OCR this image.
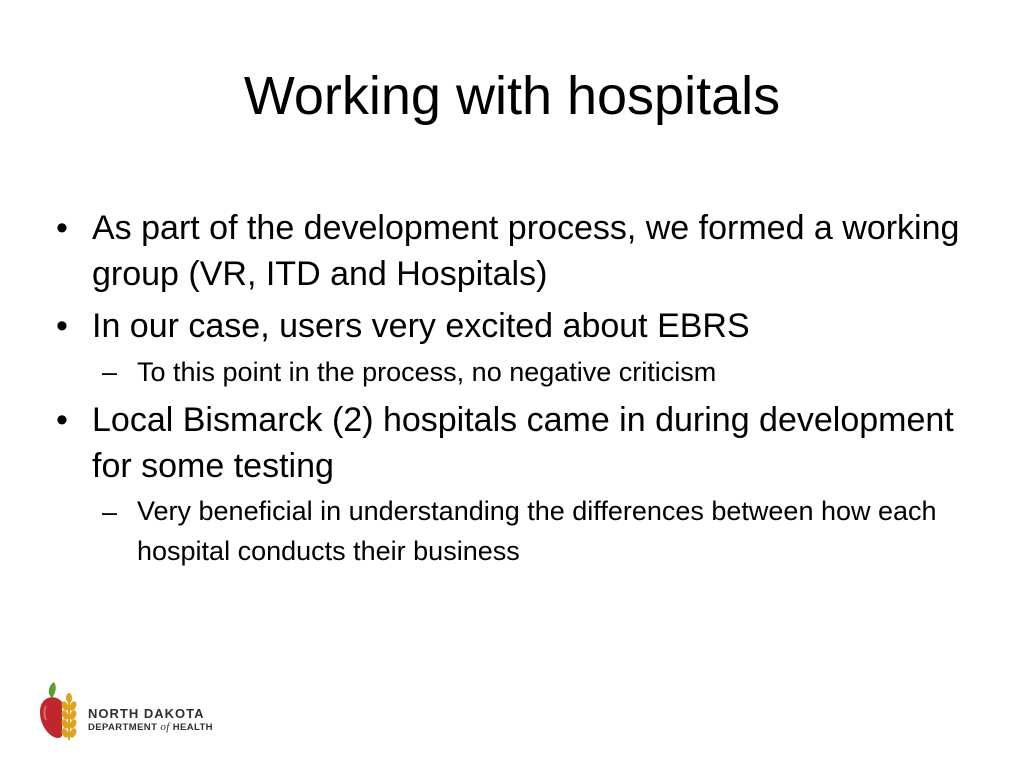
Working with hospitals
• As part of the development process, we formed a working group (VR, ITD and Hospitals)
• In our case, users very excited about EBRS
– To this point in the process, no negative criticism
• Local Bismarck (2) hospitals came in during development for some testing
– Very beneficial in understanding the differences between how each hospital conducts their business
NORTH DAKOTA
DEPARTMENT of HEALTH
